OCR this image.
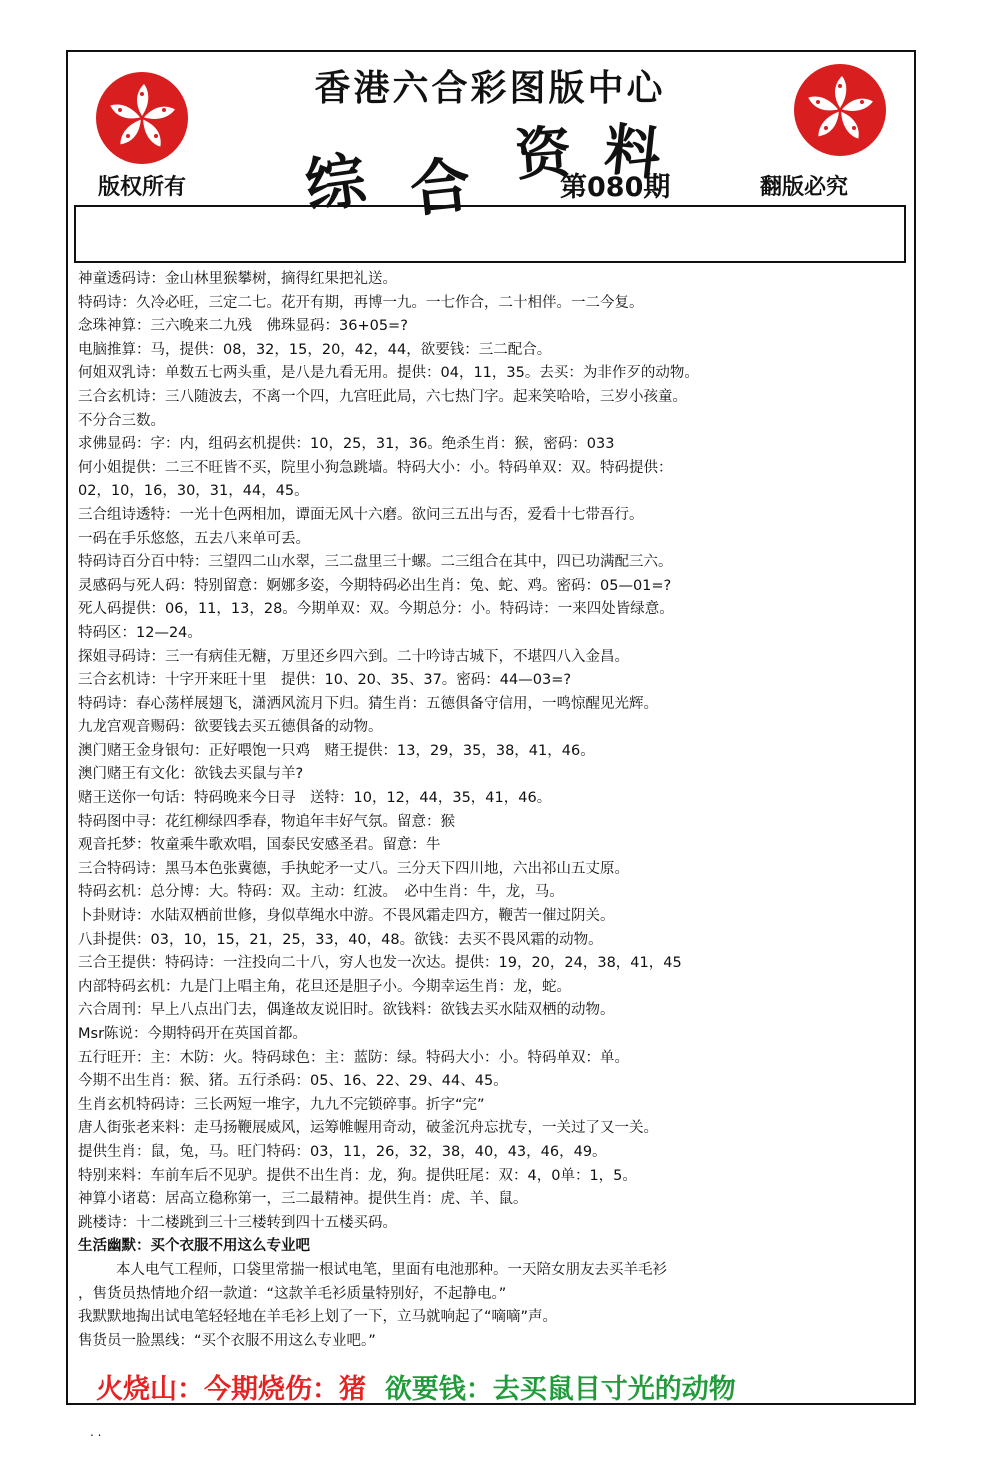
香港六合彩图版中心
综 合 资 料
版权所有	第080期	翻版必究
神童透码诗：金山林里猴攀树，摘得红果把礼送。
特码诗：久冷必旺，三定二七。花开有期，再博一九。一七作合，二十相伴。一二今复。
念珠神算：三六晚来二九残　佛珠显码：36+05=?
电脑推算：马，提供：08，32，15，20，42，44，欲要钱：三二配合。
何姐双乳诗：单数五七两头重，是八是九看无用。提供：04，11，35。去买：为非作歹的动物。
三合玄机诗：三八随波去，不离一个四，九宫旺此局，六七热门字。起来笑哈哈，三岁小孩童。
不分合三数。
求佛显码：字：内，组码玄机提供：10，25，31，36。绝杀生肖：猴，密码：033
何小姐提供：二三不旺皆不买，院里小狗急跳墙。特码大小：小。特码单双：双。特码提供：
02，10，16，30，31，44，45。
三合组诗透特：一光十色两相加，谭面无风十六磨。欲问三五出与否，爱看十七带吾行。
一码在手乐悠悠，五去八来单可丢。
特码诗百分百中特：三望四二山水翠，三二盘里三十螺。二三组合在其中，四已功满配三六。
灵感码与死人码：特别留意：婀娜多姿，今期特码必出生肖：兔、蛇、鸡。密码：05—01=?
死人码提供：06，11，13，28。今期单双：双。今期总分：小。特码诗：一来四处皆绿意。
特码区：12—24。
探姐寻码诗：三一有病佳无糖，万里还乡四六到。二十吟诗古城下，不堪四八入金昌。
三合玄机诗：十字开来旺十里　提供：10、20、35、37。密码：44—03=?
特码诗：春心荡样展翅飞，潇洒风流月下归。猜生肖：五德俱备守信用，一鸣惊醒见光辉。
九龙宫观音赐码：欲要钱去买五德俱备的动物。
澳门赌王金身银句：正好喂饱一只鸡　赌王提供：13，29，35，38，41，46。
澳门赌王有文化：欲钱去买鼠与羊?
赌王送你一句话：特码晚来今日寻　送特：10，12，44，35，41，46。
特码图中寻：花红柳绿四季春，物追年丰好气氛。留意：猴
观音托梦：牧童乘牛歌欢唱，国泰民安感圣君。留意：牛
三合特码诗：黑马本色张冀德，手执蛇矛一丈八。三分天下四川地，六出祁山五丈原。
特码玄机：总分博：大。特码：双。主动：红波。　必中生肖：牛，龙，马。
卜卦财诗：水陆双栖前世修，身似草绳水中游。不畏风霜走四方，鞭苦一催过阴关。
八卦提供：03，10，15，21，25，33，40，48。欲钱：去买不畏风霜的动物。
三合王提供：特码诗：一注投向二十八，穷人也发一次达。提供：19，20，24，38，41，45
内部特码玄机：九是门上唱主角，花旦还是胆子小。今期幸运生肖：龙，蛇。
六合周刊：早上八点出门去，偶逢故友说旧时。欲钱料：欲钱去买水陆双栖的动物。
Msr陈说：今期特码开在英国首都。
五行旺开：主：木防：火。特码球色：主：蓝防：绿。特码大小：小。特码单双：单。
今期不出生肖：猴、猪。五行杀码：05、16、22、29、44、45。
生肖玄机特码诗：三长两短一堆字，九九不完锁碎事。折字“完”
唐人街张老来料：走马扬鞭展威风，运筹帷幄用奇动，破釜沉舟忘扰专，一关过了又一关。
提供生肖：鼠，兔，马。旺门特码：03，11，26，32，38，40，43，46，49。
特别来料：车前车后不见驴。提供不出生肖：龙，狗。提供旺尾：双：4，0单：1，5。
神算小诸葛：居高立稳称第一，三二最精神。提供生肖：虎、羊、鼠。
跳楼诗：十二楼跳到三十三楼转到四十五楼买码。
生活幽默：买个衣服不用这么专业吧
本人电气工程师，口袋里常揣一根试电笔，里面有电池那种。一天陪女朋友去买羊毛衫
，售货员热情地介绍一款道：“这款羊毛衫质量特别好，不起静电。”
我默默地掏出试电笔轻轻地在羊毛衫上划了一下，立马就响起了“嘀嘀”声。
售货员一脸黑线：“买个衣服不用这么专业吧。”
火烧山：今期烧伤：猪 欲要钱：去买鼠目寸光的动物
. .
